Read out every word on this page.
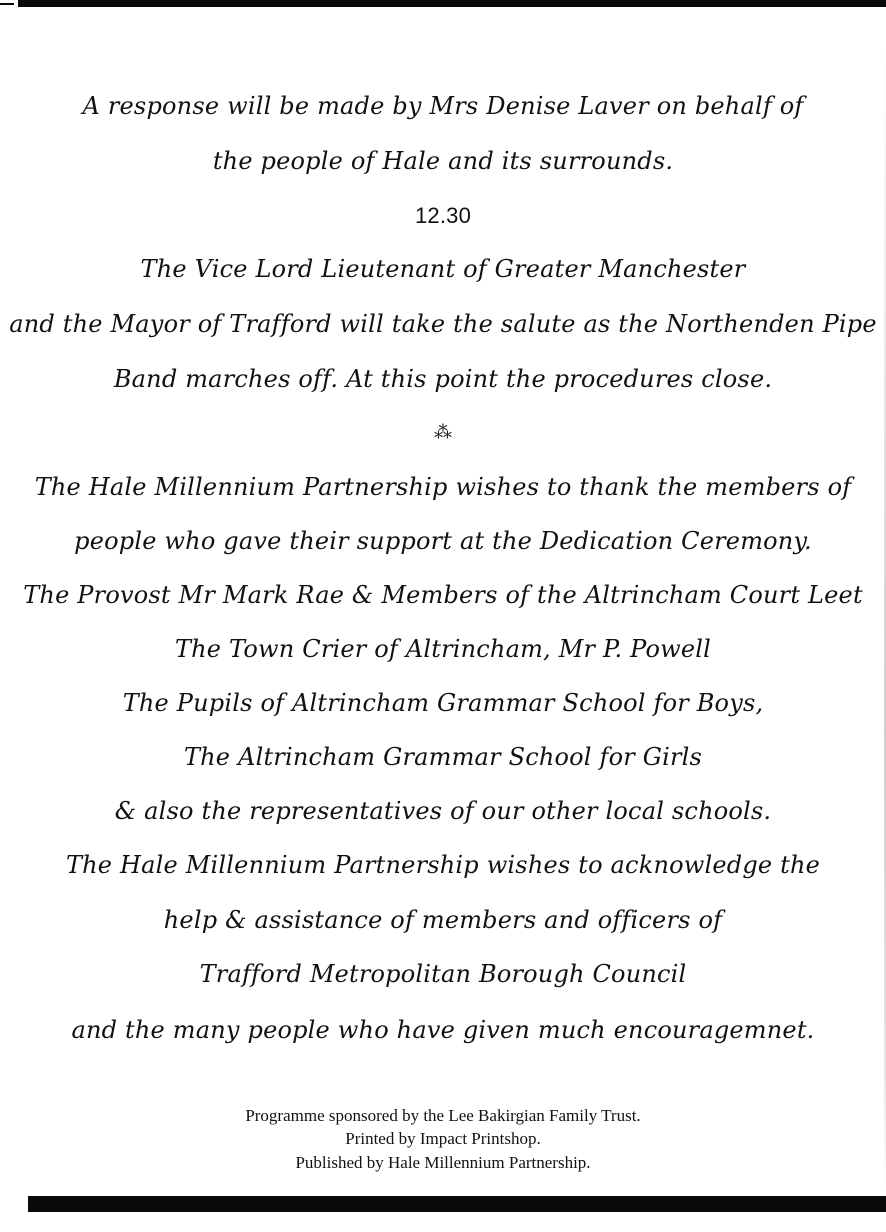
A response will be made by Mrs Denise Laver on behalf of
the people of Hale and its surrounds.
12.30
The Vice Lord Lieutenant of Greater Manchester
and the Mayor of Trafford will take the salute as the Northenden Pipe
Band marches off. At this point the procedures close.
⁂
The Hale Millennium Partnership wishes to thank the members of
people who gave their support at the Dedication Ceremony.
The Provost Mr Mark Rae & Members of the Altrincham Court Leet
The Town Crier of Altrincham, Mr P. Powell
The Pupils of Altrincham Grammar School for Boys,
The Altrincham Grammar School for Girls
& also the representatives of our other local schools.
The Hale Millennium Partnership wishes to acknowledge the
help & assistance of members and officers of
Trafford Metropolitan Borough Council
and the many people who have given much encouragemnet.
Programme sponsored by the Lee Bakirgian Family Trust.
Printed by Impact Printshop.
Published by Hale Millennium Partnership.
